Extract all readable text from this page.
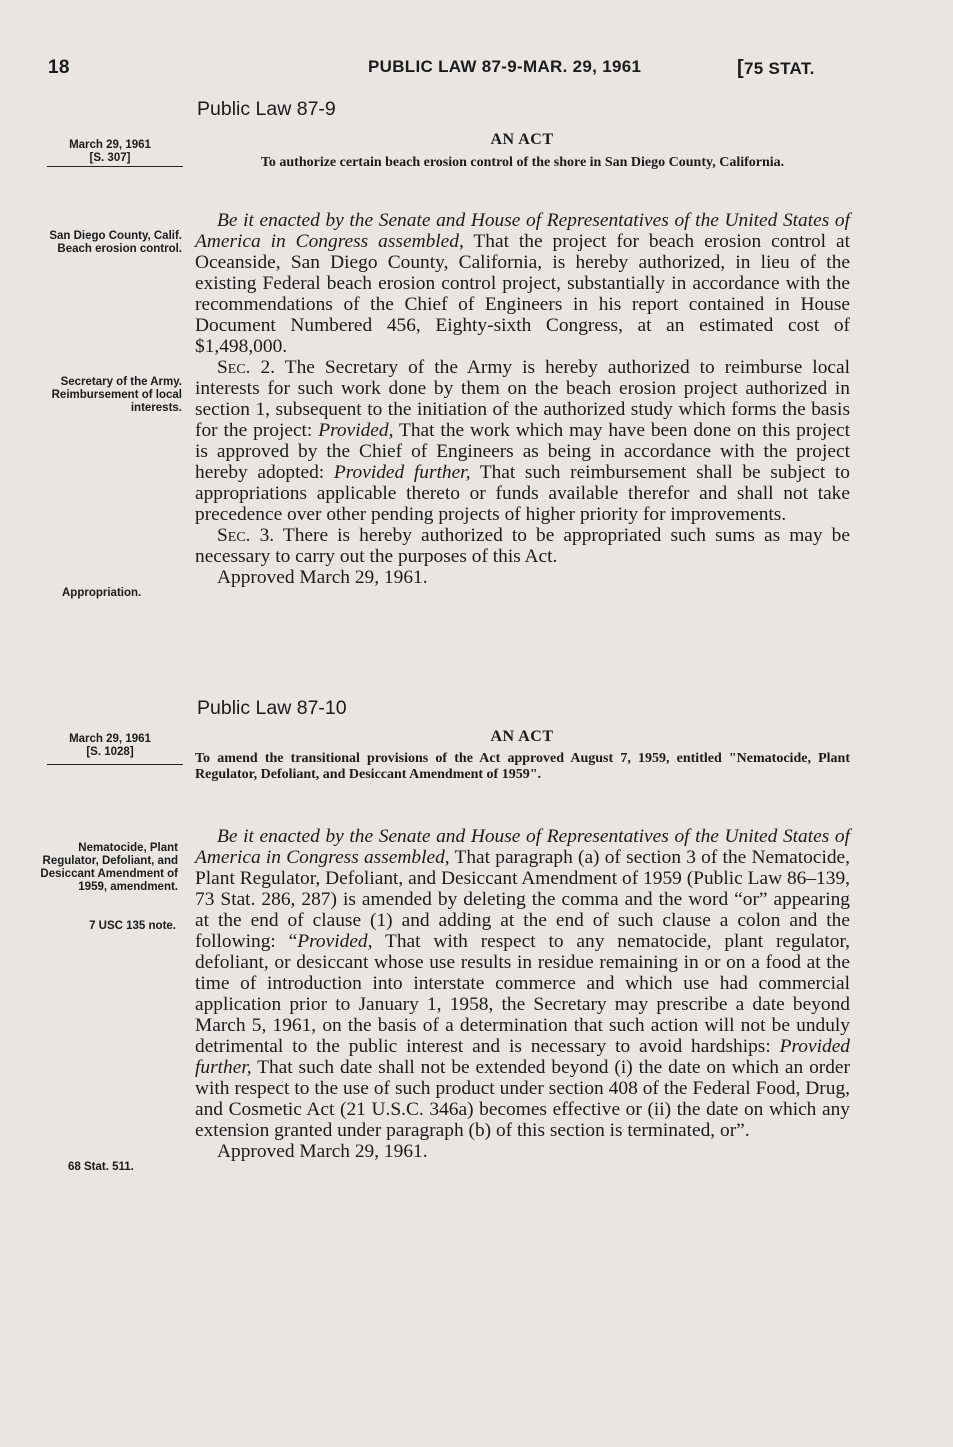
18	PUBLIC LAW 87-9-MAR. 29, 1961	[75 STAT.
Public Law 87-9
March 29, 1961
[S. 307]
AN ACT
To authorize certain beach erosion control of the shore in San Diego County, California.
San Diego County, Calif. Beach erosion control.
Secretary of the Army. Reimbursement of local interests.
Appropriation.

Be it enacted by the Senate and House of Representatives of the United States of America in Congress assembled, That the project for beach erosion control at Oceanside, San Diego County, California, is hereby authorized, in lieu of the existing Federal beach erosion control project, substantially in accordance with the recommendations of the Chief of Engineers in his report contained in House Document Numbered 456, Eighty-sixth Congress, at an estimated cost of $1,498,000.

Sec. 2. The Secretary of the Army is hereby authorized to reimburse local interests for such work done by them on the beach erosion project authorized in section 1, subsequent to the initiation of the authorized study which forms the basis for the project: Provided, That the work which may have been done on this project is approved by the Chief of Engineers as being in accordance with the project hereby adopted: Provided further, That such reimbursement shall be subject to appropriations applicable thereto or funds available therefor and shall not take precedence over other pending projects of higher priority for improvements.

Sec. 3. There is hereby authorized to be appropriated such sums as may be necessary to carry out the purposes of this Act.

Approved March 29, 1961.

Public Law 87-10
March 29, 1961
[S. 1028]
AN ACT
To amend the transitional provisions of the Act approved August 7, 1959, entitled "Nematocide, Plant Regulator, Defoliant, and Desiccant Amendment of 1959".
Nematocide, Plant Regulator, Defoliant, and Desiccant Amendment of 1959, amendment.
7 USC 135 note.
68 Stat. 511.

Be it enacted by the Senate and House of Representatives of the United States of America in Congress assembled, That paragraph (a) of section 3 of the Nematocide, Plant Regulator, Defoliant, and Desiccant Amendment of 1959 (Public Law 86–139, 73 Stat. 286, 287) is amended by deleting the comma and the word “or” appearing at the end of clause (1) and adding at the end of such clause a colon and the following: “Provided, That with respect to any nematocide, plant regulator, defoliant, or desiccant whose use results in residue remaining in or on a food at the time of introduction into interstate commerce and which use had commercial application prior to January 1, 1958, the Secretary may prescribe a date beyond March 5, 1961, on the basis of a determination that such action will not be unduly detrimental to the public interest and is necessary to avoid hardships: Provided further, That such date shall not be extended beyond (i) the date on which an order with respect to the use of such product under section 408 of the Federal Food, Drug, and Cosmetic Act (21 U.S.C. 346a) becomes effective or (ii) the date on which any extension granted under paragraph (b) of this section is terminated, or”.

Approved March 29, 1961.
